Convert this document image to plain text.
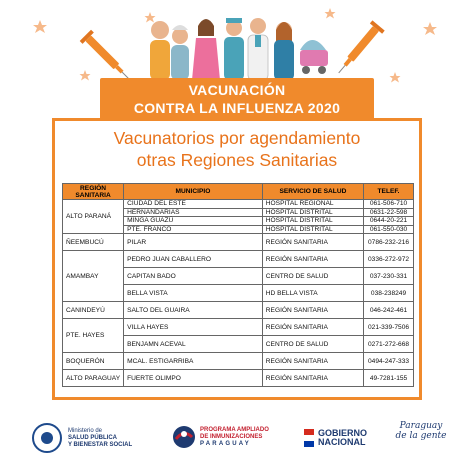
VACUNACIÓN
CONTRA LA INFLUENZA 2020
Vacunatorios por agendamiento
otras Regiones Sanitarias
REGIÓN SANITARIA	MUNICIPIO	SERVICIO DE SALUD	TELEF.
ALTO PARANÁ	CIUDAD DEL ESTE	HOSPITAL REGIONAL	061-506-710
	HERNANDARIAS	HOSPITAL DISTRITAL	0631-22-598
	MINGA GUAZÚ	HOSPITAL DISTRITAL	0644-20-221
	PTE. FRANCO	HOSPITAL DISTRITAL	061-550-030
ÑEEMBUCÚ	PILAR	REGIÓN SANITARIA	0786-232-216
AMAMBAY	PEDRO JUAN CABALLERO	REGIÓN SANITARIA	0336-272-972
	CAPITAN BADO	CENTRO DE SALUD	037-230-331
	BELLA VISTA	HD BELLA VISTA	038-238249
CANINDEYÚ	SALTO DEL GUAIRA	REGIÓN SANITARIA	046-242-461
PTE. HAYES	VILLA HAYES	REGIÓN SANITARIA	021-339-7506
	BENJAMN ACEVAL	CENTRO DE SALUD	0271-272-668
BOQUERÓN	MCAL. ESTIGARRIBA	REGIÓN SANITARIA	0494-247-333
ALTO PARAGUAY	FUERTE OLIMPO	REGIÓN SANITARIA	49-7281-155
Ministerio de
SALUD PÚBLICA
Y BIENESTAR SOCIAL
PROGRAMA AMPLIADO
DE INMUNIZACIONES
PARAGUAY
GOBIERNO
NACIONAL
Paraguay
de la gente
